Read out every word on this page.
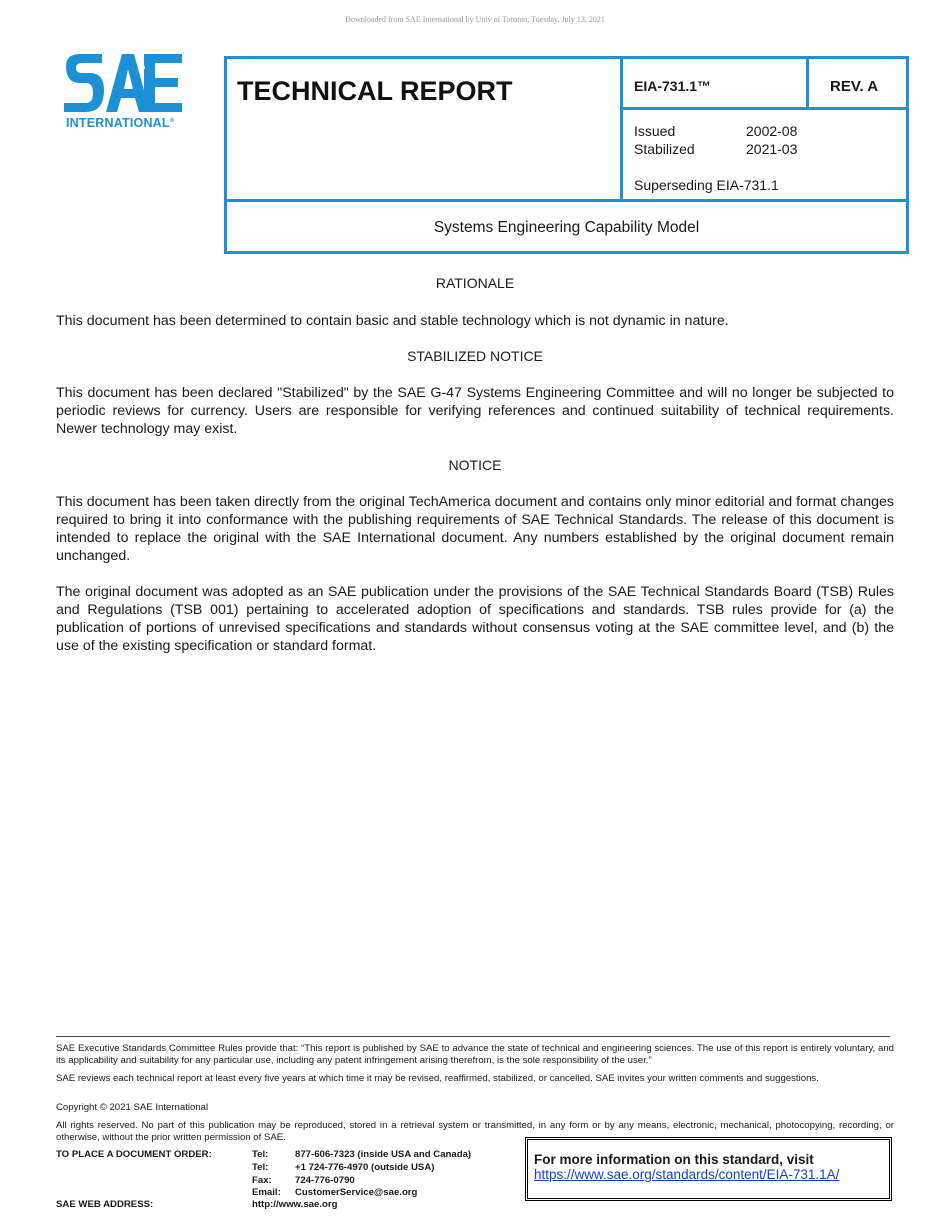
Downloaded from SAE International by Univ of Toronto, Tuesday, July 13, 2021
INTERNATIONAL®
TECHNICAL REPORT	EIA-731.1™	REV. A
Issued	2002-08
Stabilized	2021-03
Superseding EIA-731.1
Systems Engineering Capability Model
RATIONALE
This document has been determined to contain basic and stable technology which is not dynamic in nature.
STABILIZED NOTICE
This document has been declared "Stabilized" by the SAE G-47 Systems Engineering Committee and will no longer be subjected to periodic reviews for currency. Users are responsible for verifying references and continued suitability of technical requirements. Newer technology may exist.
NOTICE
This document has been taken directly from the original TechAmerica document and contains only minor editorial and format changes required to bring it into conformance with the publishing requirements of SAE Technical Standards. The release of this document is intended to replace the original with the SAE International document. Any numbers established by the original document remain unchanged.
The original document was adopted as an SAE publication under the provisions of the SAE Technical Standards Board (TSB) Rules and Regulations (TSB 001) pertaining to accelerated adoption of specifications and standards. TSB rules provide for (a) the publication of portions of unrevised specifications and standards without consensus voting at the SAE committee level, and (b) the use of the existing specification or standard format.
SAE Executive Standards Committee Rules provide that: “This report is published by SAE to advance the state of technical and engineering sciences. The use of this report is entirely voluntary, and its applicability and suitability for any particular use, including any patent infringement arising therefrom, is the sole responsibility of the user.”
SAE reviews each technical report at least every five years at which time it may be revised, reaffirmed, stabilized, or cancelled. SAE invites your written comments and suggestions.
Copyright © 2021 SAE International
All rights reserved. No part of this publication may be reproduced, stored in a retrieval system or transmitted, in any form or by any means, electronic, mechanical, photocopying, recording, or otherwise, without the prior written permission of SAE.
TO PLACE A DOCUMENT ORDER:	Tel:	877-606-7323 (inside USA and Canada)
Tel:	+1 724-776-4970 (outside USA)
Fax: 724-776-0790
Email: CustomerService@sae.org
SAE WEB ADDRESS:	http://www.sae.org
For more information on this standard, visit
https://www.sae.org/standards/content/EIA-731.1A/
